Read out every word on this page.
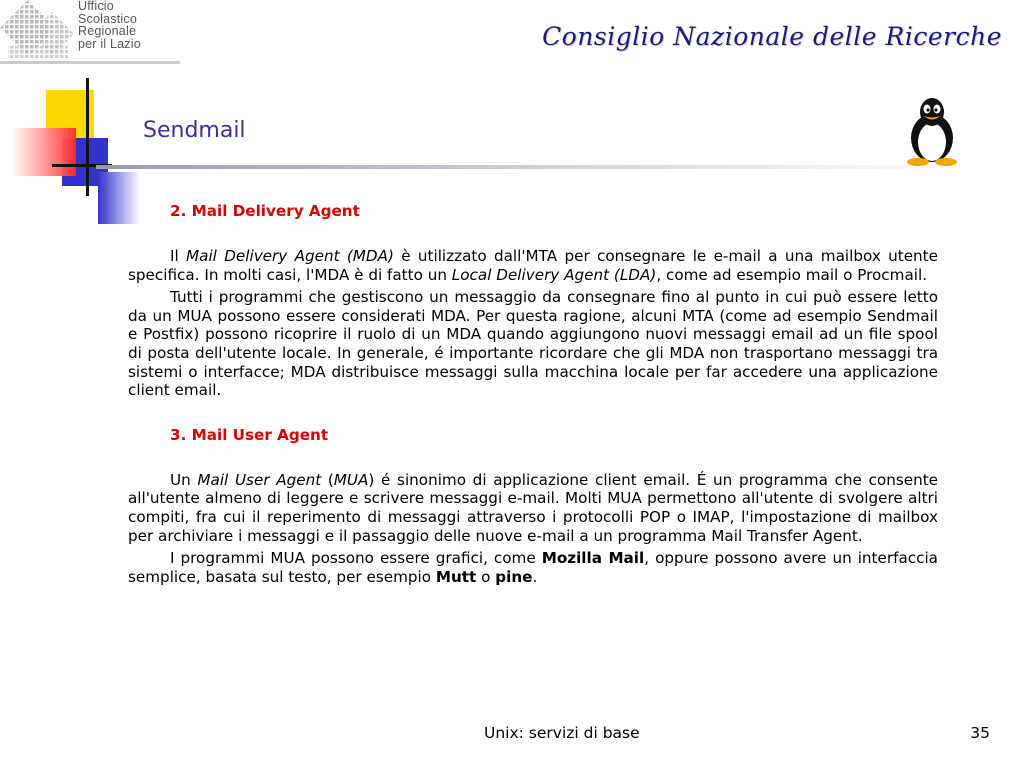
Ufficio
Scolastico
Regionale
per il Lazio	Consiglio Nazionale delle Ricerche
Sendmail
2. Mail Delivery Agent

Il Mail Delivery Agent (MDA) è utilizzato dall'MTA per consegnare le e-mail a una mailbox utente specifica. In molti casi, l'MDA è di fatto un Local Delivery Agent (LDA), come ad esempio mail o Procmail.

Tutti i programmi che gestiscono un messaggio da consegnare fino al punto in cui può essere letto da un MUA possono essere considerati MDA. Per questa ragione, alcuni MTA (come ad esempio Sendmail e Postfix) possono ricoprire il ruolo di un MDA quando aggiungono nuovi messaggi email ad un file spool di posta dell'utente locale. In generale, é importante ricordare che gli MDA non trasportano messaggi tra sistemi o interfacce; MDA distribuisce messaggi sulla macchina locale per far accedere una applicazione client email.

3. Mail User Agent

Un Mail User Agent (MUA) é sinonimo di applicazione client email. É un programma che consente all'utente almeno di leggere e scrivere messaggi e-mail. Molti MUA permettono all'utente di svolgere altri compiti, fra cui il reperimento di messaggi attraverso i protocolli POP o IMAP, l'impostazione di mailbox per archiviare i messaggi e il passaggio delle nuove e-mail a un programma Mail Transfer Agent.

I programmi MUA possono essere grafici, come Mozilla Mail, oppure possono avere un interfaccia semplice, basata sul testo, per esempio Mutt o pine.

Unix: servizi di base	35
